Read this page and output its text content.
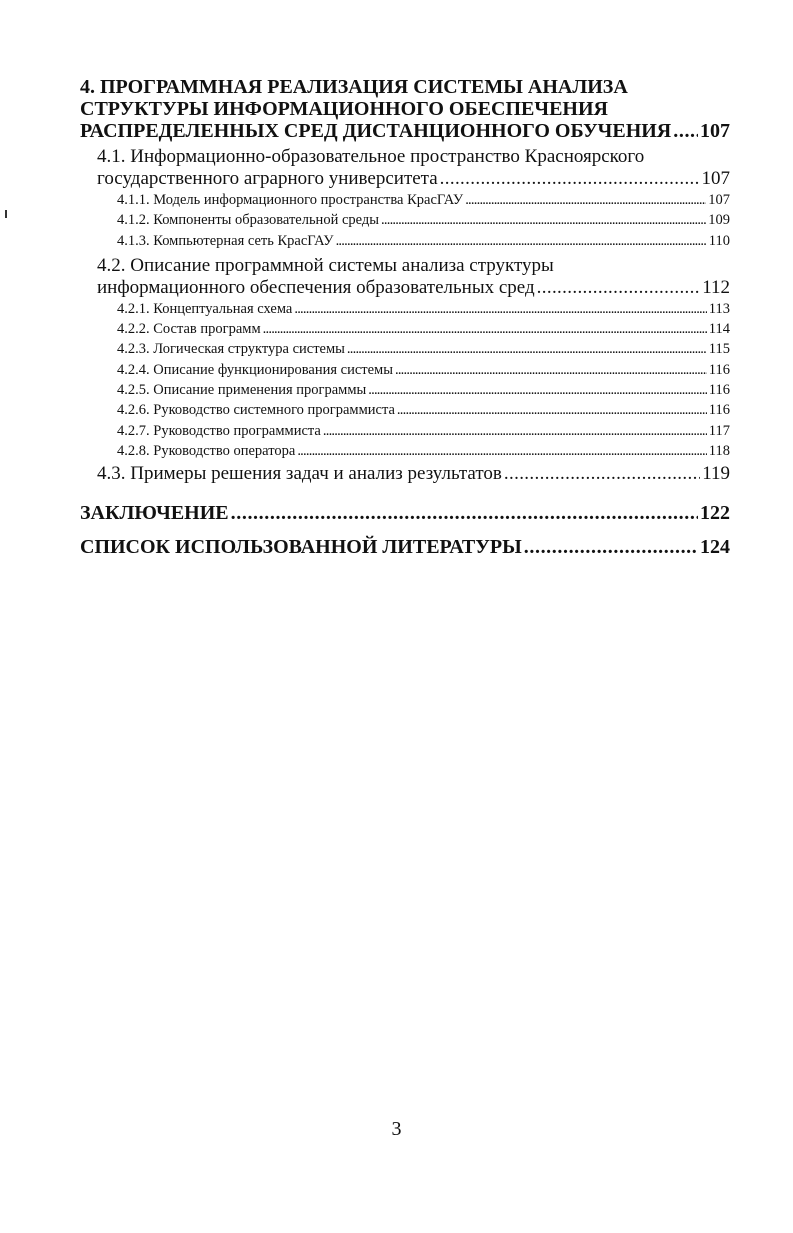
4. ПРОГРАММНАЯ РЕАЛИЗАЦИЯ СИСТЕМЫ АНАЛИЗА
СТРУКТУРЫ ИНФОРМАЦИОННОГО ОБЕСПЕЧЕНИЯ
РАСПРЕДЕЛЕННЫХ СРЕД ДИСТАНЦИОННОГО ОБУЧЕНИЯ . . . 107
4.1. Информационно-образовательное пространство Красноярского
государственного аграрного университета . . .	107
4.1.1. Модель информационного пространства КрасГАУ . . .	107
4.1.2. Компоненты образовательной среды . . .	109
4.1.3. Компьютерная сеть КрасГАУ . . .	110
4.2. Описание программной системы анализа структуры
информационного обеспечения образовательных сред . . .	112
4.2.1. Концептуальная схема . . .	113
4.2.2. Состав программ . . .	114
4.2.3. Логическая структура системы . . .	115
4.2.4. Описание функционирования системы . . .	116
4.2.5. Описание применения программы . . .	116
4.2.6. Руководство системного программиста . . .	116
4.2.7. Руководство программиста . . .	117
4.2.8. Руководство оператора . . .	118
4.3. Примеры решения задач и анализ результатов . . .	119
ЗАКЛЮЧЕНИЕ . . .	122
СПИСОК ИСПОЛЬЗОВАННОЙ ЛИТЕРАТУРЫ . . .	124
3
